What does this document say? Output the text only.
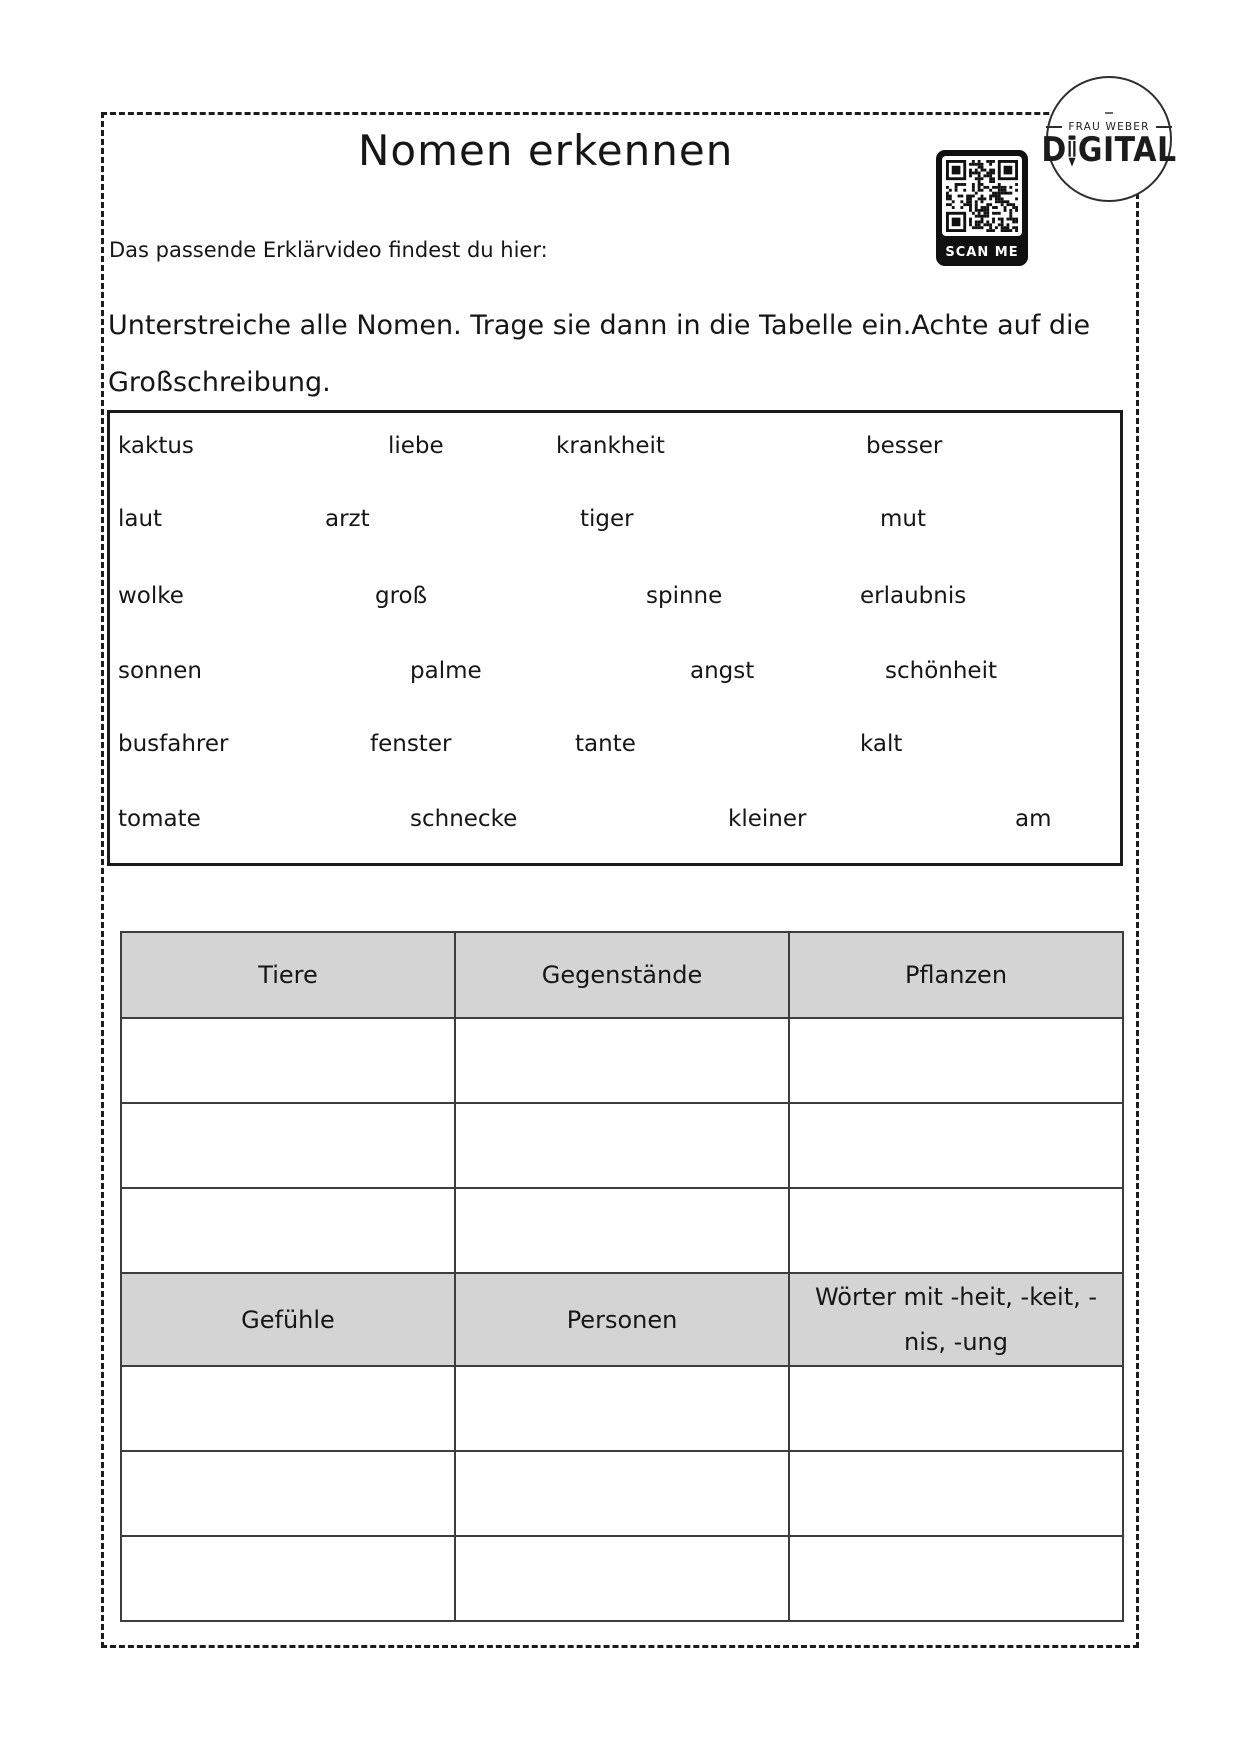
Nomen erkennen
Das passende Erklärvideo findest du hier:
Unterstreiche alle Nomen. Trage sie dann in die Tabelle ein.Achte auf die
Großschreibung.
SCAN ME
FRAU WEBER
D GITAL
kaktus	liebe	krankheit	besser
laut	arzt	tiger	mut
wolke	groß	spinne	erlaubnis
sonnen	palme	angst	schönheit
busfahrer	fenster	tante	kalt
tomate	schnecke	kleiner	am
Tiere	Gegenstände	Pflanzen

Gefühle	Personen	Wörter mit -heit, -keit, -nis, -ung
